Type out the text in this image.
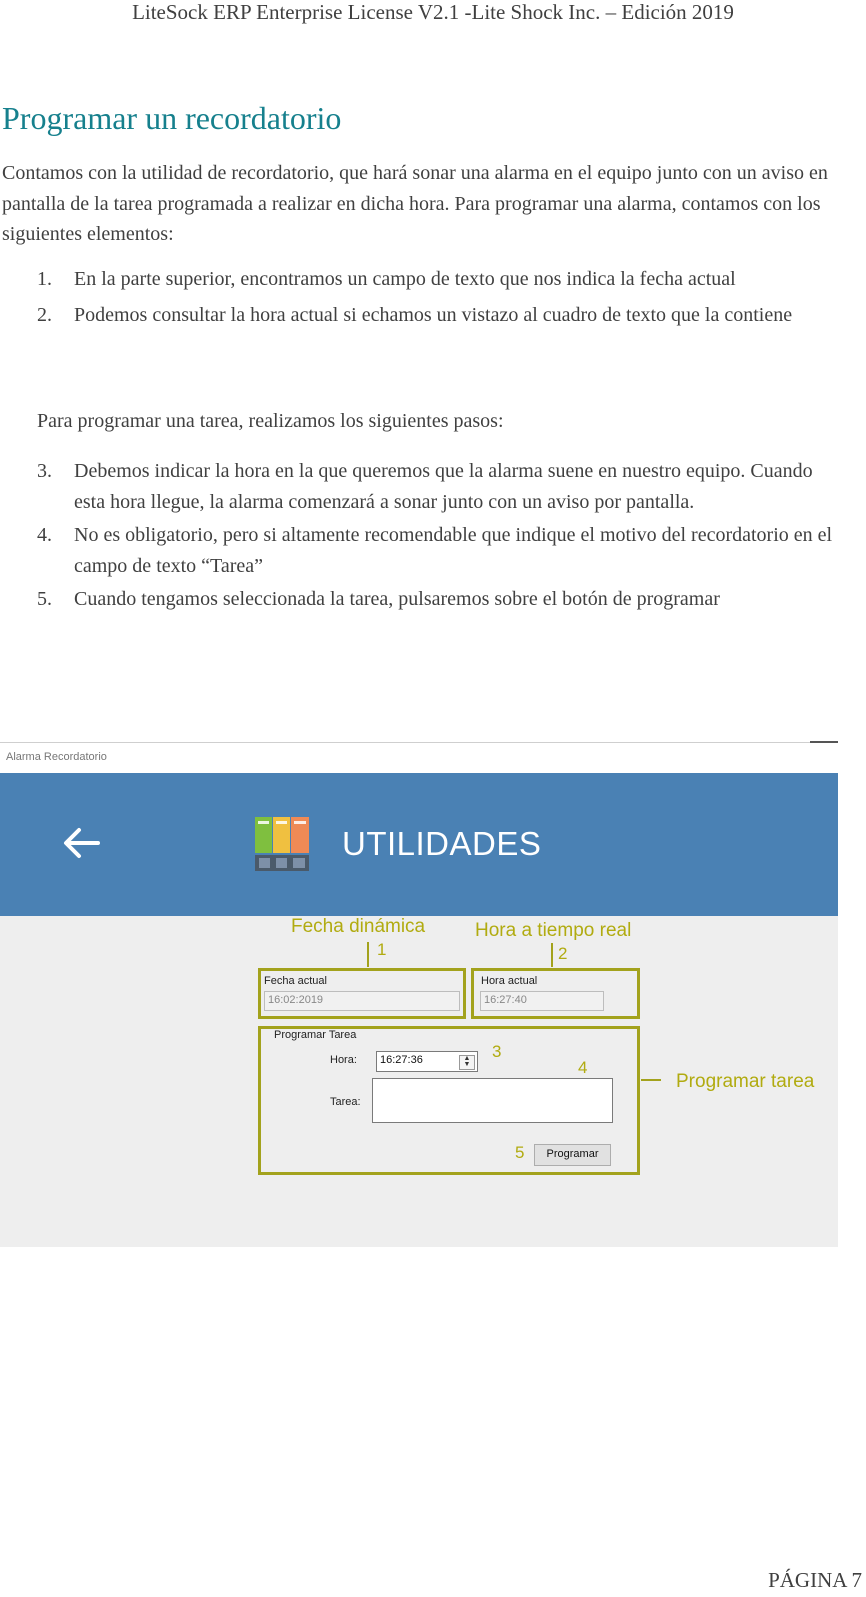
LiteSock ERP Enterprise License V2.1 -Lite Shock Inc. – Edición 2019
Programar un recordatorio

Contamos con la utilidad de recordatorio, que hará sonar una alarma en el equipo junto con un aviso en pantalla de la tarea programada a realizar en dicha hora. Para programar una alarma, contamos con los siguientes elementos:

1. En la parte superior, encontramos un campo de texto que nos indica la fecha actual
2. Podemos consultar la hora actual si echamos un vistazo al cuadro de texto que la contiene

Para programar una tarea, realizamos los siguientes pasos:

3. Debemos indicar la hora en la que queremos que la alarma suene en nuestro equipo. Cuando esta hora llegue, la alarma comenzará a sonar junto con un aviso por pantalla.
4. No es obligatorio, pero si altamente recomendable que indique el motivo del recordatorio en el campo de texto “Tarea”
5. Cuando tengamos seleccionada la tarea, pulsaremos sobre el botón de programar
Alarma Recordatorio
UTILIDADES
Fecha dinámica	Hora a tiempo real
1	2
Fecha actual
16:02:2019
Hora actual
16:27:40
Programar Tarea
Hora:	16:27:36	▲
▼
3
4
Tarea:
5	Programar
Programar tarea
PÁGINA 7
